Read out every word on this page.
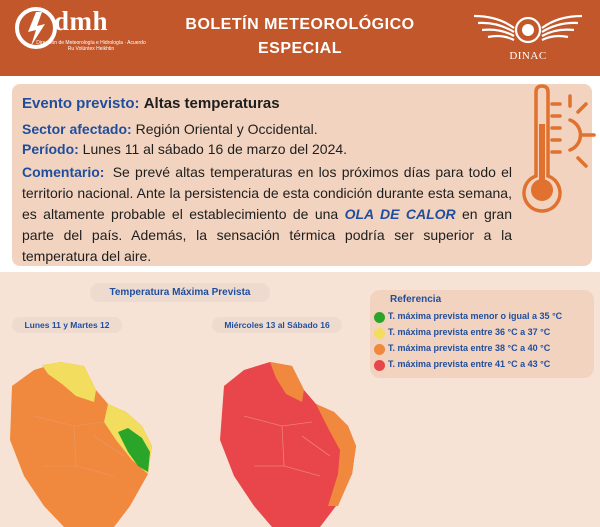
dmh
Dirección de Meteorología e Hidrología · Acuerdo Ru Volúntex Heikhtin
BOLETÍN METEOROLÓGICO
ESPECIAL	DINAC
Evento previsto: Altas temperaturas
Sector afectado: Región Oriental y Occidental.
Período: Lunes 11 al sábado 16 de marzo del 2024.
Comentario: Se prevé altas temperaturas en los próximos días para todo el territorio nacional. Ante la persistencia de esta condición durante esta semana, es altamente probable el establecimiento de una OLA DE CALOR en gran parte del país. Además, la sensación térmica podría ser superior a la temperatura del aire.
Temperatura Máxima Prevista
Lunes 11 y Martes 12	Miércoles 13 al Sábado 16
Referencia
T. máxima prevista menor o igual a 35 °C
T. máxima prevista entre 36 °C a 37 °C
T. máxima prevista entre 38 °C a 40 °C
T. máxima prevista entre 41 °C a 43 °C
